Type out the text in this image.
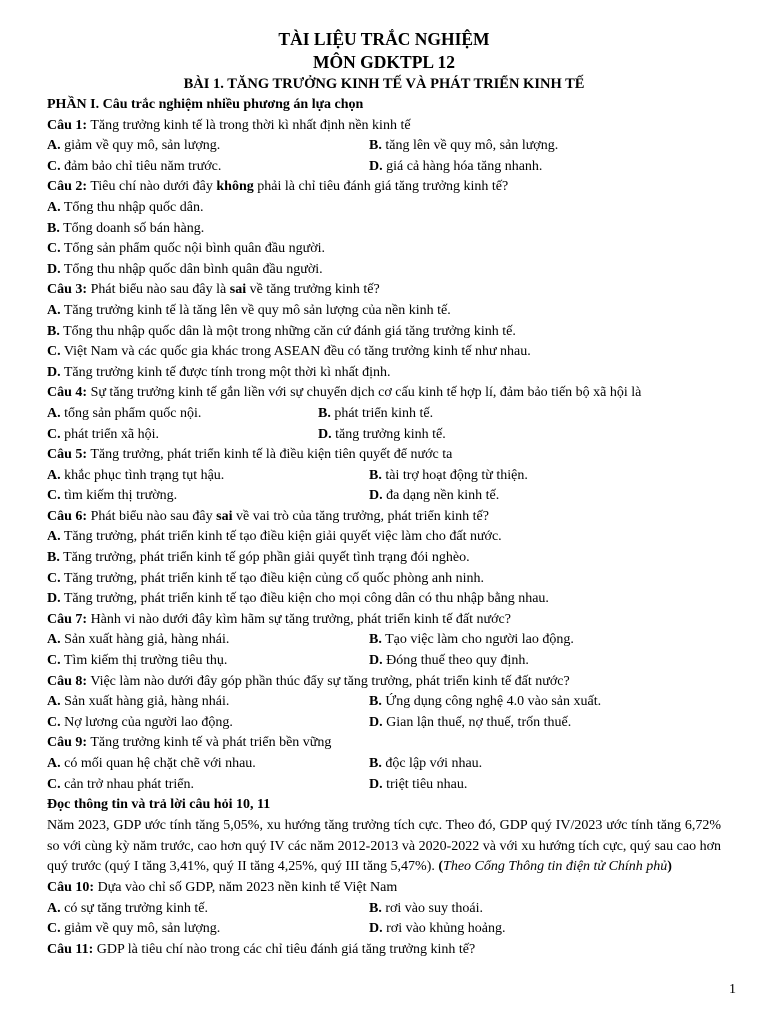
TÀI LIỆU TRẮC NGHIỆM
MÔN GDKTPL 12
BÀI 1. TĂNG TRƯỞNG KINH TẾ VÀ PHÁT TRIỂN KINH TẾ
PHẦN I. Câu trắc nghiệm nhiều phương án lựa chọn
Câu 1: Tăng trưởng kinh tế là trong thời kì nhất định nền kinh tế
A. giảm về quy mô, sản lượng.	B. tăng lên về quy mô, sản lượng.
C. đảm bảo chỉ tiêu năm trước.	D. giá cả hàng hóa tăng nhanh.
Câu 2: Tiêu chí nào dưới đây không phải là chỉ tiêu đánh giá tăng trưởng kinh tế?
A. Tổng thu nhập quốc dân.
B. Tổng doanh số bán hàng.
C. Tổng sản phẩm quốc nội bình quân đầu người.
D. Tổng thu nhập quốc dân bình quân đầu người.
Câu 3: Phát biểu nào sau đây là sai về tăng trưởng kinh tế?
A. Tăng trưởng kinh tế là tăng lên về quy mô sản lượng của nền kinh tế.
B. Tổng thu nhập quốc dân là một trong những căn cứ đánh giá tăng trưởng kinh tế.
C. Việt Nam và các quốc gia khác trong ASEAN đều có tăng trưởng kinh tế như nhau.
D. Tăng trưởng kinh tế được tính trong một thời kì nhất định.
Câu 4: Sự tăng trưởng kinh tế gắn liền với sự chuyển dịch cơ cấu kinh tế hợp lí, đảm bảo tiến bộ xã hội là
A. tổng sản phẩm quốc nội.	B. phát triển kinh tế.
C. phát triển xã hội.	D. tăng trưởng kinh tế.
Câu 5: Tăng trưởng, phát triển kinh tế là điều kiện tiên quyết để nước ta
A. khắc phục tình trạng tụt hậu.	B. tài trợ hoạt động từ thiện.
C. tìm kiếm thị trường.	D. đa dạng nền kinh tế.
Câu 6: Phát biểu nào sau đây sai về vai trò của tăng trưởng, phát triển kinh tế?
A. Tăng trưởng, phát triển kinh tế tạo điều kiện giải quyết việc làm cho đất nước.
B. Tăng trưởng, phát triển kinh tế góp phần giải quyết tình trạng đói nghèo.
C. Tăng trưởng, phát triển kinh tế tạo điều kiện củng cố quốc phòng anh ninh.
D. Tăng trưởng, phát triển kinh tế tạo điều kiện cho mọi công dân có thu nhập bằng nhau.
Câu 7: Hành vi nào dưới đây kìm hãm sự tăng trưởng, phát triển kinh tế đất nước?
A. Sản xuất hàng giả, hàng nhái.	B. Tạo việc làm cho người lao động.
C. Tìm kiếm thị trường tiêu thụ.	D. Đóng thuế theo quy định.
Câu 8: Việc làm nào dưới đây góp phần thúc đẩy sự tăng trưởng, phát triển kinh tế đất nước?
A. Sản xuất hàng giả, hàng nhái.	B. Ứng dụng công nghệ 4.0 vào sản xuất.
C. Nợ lương của người lao động.	D. Gian lận thuế, nợ thuế, trốn thuế.
Câu 9: Tăng trưởng kinh tế và phát triển bền vững
A. có mối quan hệ chặt chẽ với nhau.	B. độc lập với nhau.
C. cản trở nhau phát triển.	D. triệt tiêu nhau.
Đọc thông tin và trả lời câu hỏi 10, 11

Năm 2023, GDP ước tính tăng 5,05%, xu hướng tăng trưởng tích cực. Theo đó, GDP quý IV/2023 ước tính tăng 6,72% so với cùng kỳ năm trước, cao hơn quý IV các năm 2012-2013 và 2020-2022 và với xu hướng tích cực, quý sau cao hơn quý trước (quý I tăng 3,41%, quý II tăng 4,25%, quý III tăng 5,47%). (Theo Cổng Thông tin điện tử Chính phủ)

Câu 10: Dựa vào chỉ số GDP, năm 2023 nền kinh tế Việt Nam
A. có sự tăng trưởng kinh tế.	B. rơi vào suy thoái.
C. giảm về quy mô, sản lượng.	D. rơi vào khủng hoảng.
Câu 11: GDP là tiêu chí nào trong các chỉ tiêu đánh giá tăng trưởng kinh tế?
1
